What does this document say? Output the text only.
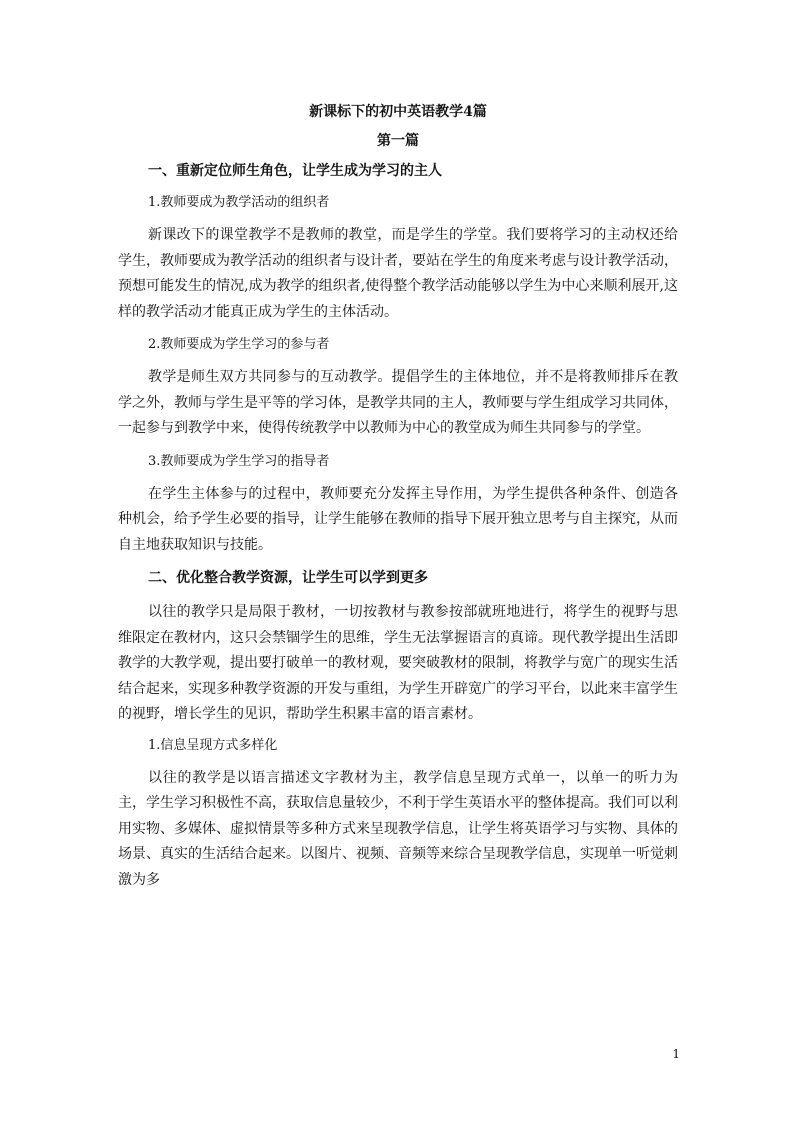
新课标下的初中英语教学4篇
第一篇
一、重新定位师生角色，让学生成为学习的主人
1.教师要成为教学活动的组织者

新课改下的课堂教学不是教师的教堂，而是学生的学堂。我们要将学习的主动权还给学生，教师要成为教学活动的组织者与设计者，要站在学生的角度来考虑与设计教学活动，预想可能发生的情况,成为教学的组织者,使得整个教学活动能够以学生为中心来顺利展开,这样的教学活动才能真正成为学生的主体活动。

2.教师要成为学生学习的参与者

教学是师生双方共同参与的互动教学。提倡学生的主体地位，并不是将教师排斥在教学之外，教师与学生是平等的学习体，是教学共同的主人，教师要与学生组成学习共同体，一起参与到教学中来，使得传统教学中以教师为中心的教堂成为师生共同参与的学堂。

3.教师要成为学生学习的指导者

在学生主体参与的过程中，教师要充分发挥主导作用，为学生提供各种条件、创造各种机会，给予学生必要的指导，让学生能够在教师的指导下展开独立思考与自主探究，从而自主地获取知识与技能。

二、优化整合教学资源，让学生可以学到更多

以往的教学只是局限于教材，一切按教材与教参按部就班地进行，将学生的视野与思维限定在教材内，这只会禁锢学生的思维，学生无法掌握语言的真谛。现代教学提出生活即教学的大教学观，提出要打破单一的教材观，要突破教材的限制，将教学与宽广的现实生活结合起来，实现多种教学资源的开发与重组，为学生开辟宽广的学习平台，以此来丰富学生的视野，增长学生的见识，帮助学生积累丰富的语言素材。

1.信息呈现方式多样化

以往的教学是以语言描述文字教材为主，教学信息呈现方式单一，以单一的听力为主，学生学习积极性不高，获取信息量较少，不利于学生英语水平的整体提高。我们可以利用实物、多媒体、虚拟情景等多种方式来呈现教学信息，让学生将英语学习与实物、具体的场景、真实的生活结合起来。以图片、视频、音频等来综合呈现教学信息，实现单一听觉刺激为多

1
